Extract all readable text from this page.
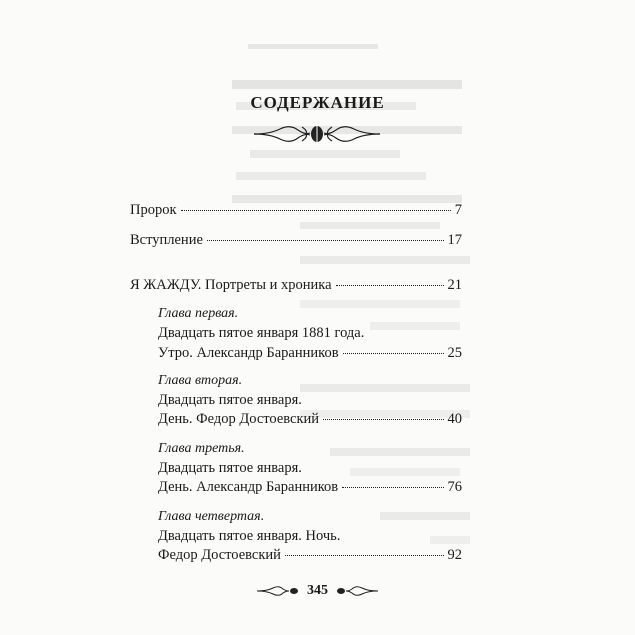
СОДЕРЖАНИЕ
Пророк	7
Вступление	17
Я ЖАЖДУ. Портреты и хроника	21
Глава первая.
Двадцать пятое января 1881 года.
Утро. Александр Баранников	25
Глава вторая.
Двадцать пятое января.
День. Федор Достоевский	40
Глава третья.
Двадцать пятое января.
День. Александр Баранников	76
Глава четвертая.
Двадцать пятое января. Ночь.
Федор Достоевский	92
345
